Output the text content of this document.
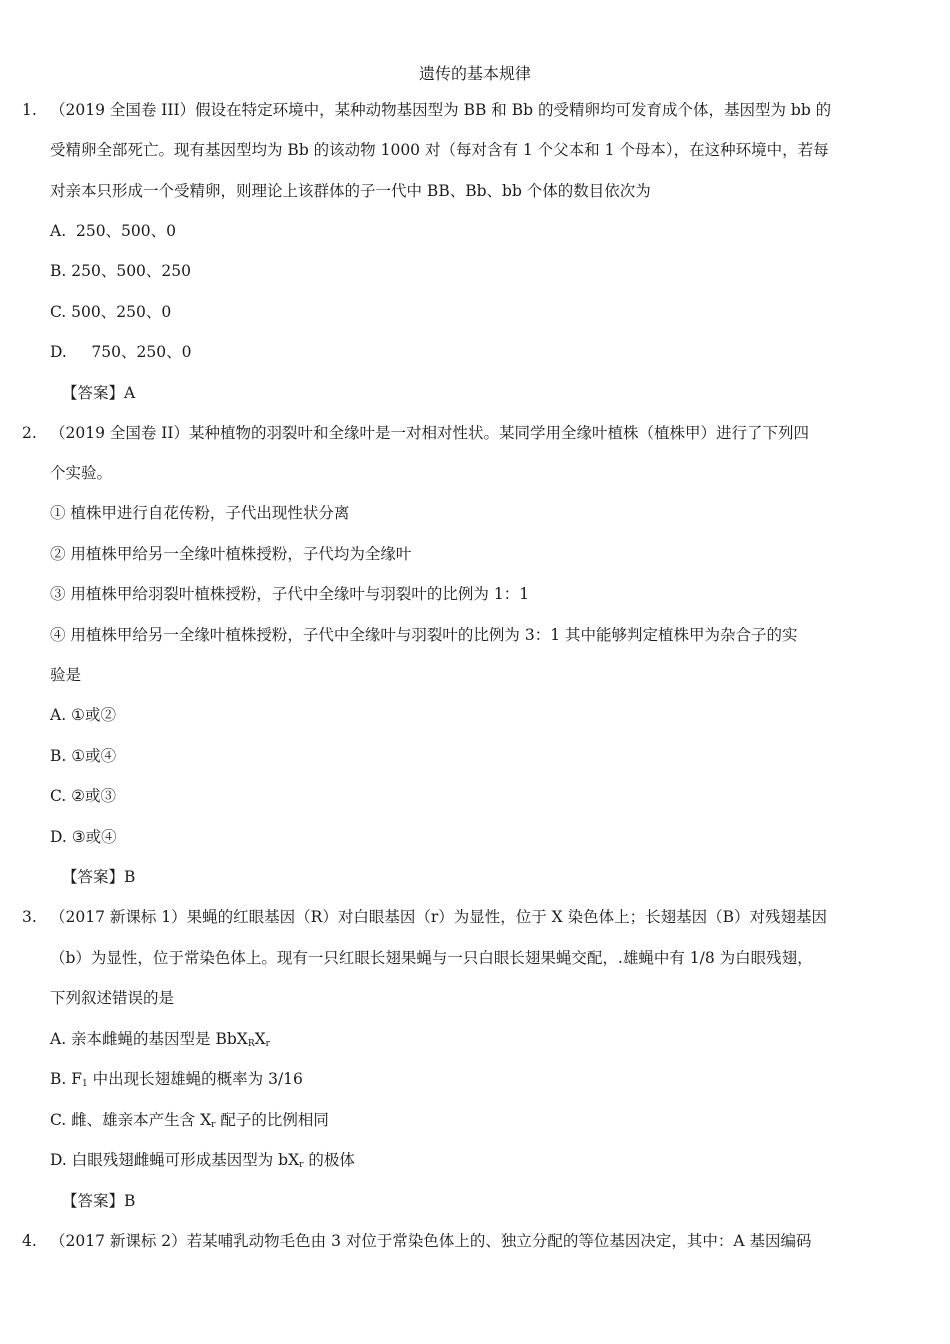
遗传的基本规律
1. （2019 全国卷 III）假设在特定环境中，某种动物基因型为 BB 和 Bb 的受精卵均可发育成个体，基因型为 bb 的
受精卵全部死亡。现有基因型均为 Bb 的该动物 1000 对（每对含有 1 个父本和 1 个母本），在这种环境中，若每
对亲本只形成一个受精卵，则理论上该群体的子一代中 BB、Bb、bb 个体的数目依次为
A.  250、500、0
B. 250、500、250
C. 500、250、0
D.     750、250、0
【答案】A
2. （2019 全国卷 II）某种植物的羽裂叶和全缘叶是一对相对性状。某同学用全缘叶植株（植株甲）进行了下列四
个实验。
① 植株甲进行自花传粉，子代出现性状分离
② 用植株甲给另一全缘叶植株授粉，子代均为全缘叶
③ 用植株甲给羽裂叶植株授粉，子代中全缘叶与羽裂叶的比例为 1：1
④ 用植株甲给另一全缘叶植株授粉，子代中全缘叶与羽裂叶的比例为 3：1 其中能够判定植株甲为杂合子的实
验是
A. ①或②
B. ①或④
C. ②或③
D. ③或④
【答案】B
3. （2017 新课标 1）果蝇的红眼基因（R）对白眼基因（r）为显性，位于 X 染色体上；长翅基因（B）对残翅基因
（b）为显性，位于常染色体上。现有一只红眼长翅果蝇与一只白眼长翅果蝇交配，.雄蝇中有 1/8 为白眼残翅，
下列叙述错误的是
A. 亲本雌蝇的基因型是 $BbX_RX_r$
B. $F_1$ 中出现长翅雄蝇的概率为 3/16
C. 雌、雄亲本产生含 $X_r$ 配子的比例相同
D. 白眼残翅雌蝇可形成基因型为 $bX_r$ 的极体
【答案】B
4. （2017 新课标 2）若某哺乳动物毛色由 3 对位于常染色体上的、独立分配的等位基因决定，其中：A 基因编码
